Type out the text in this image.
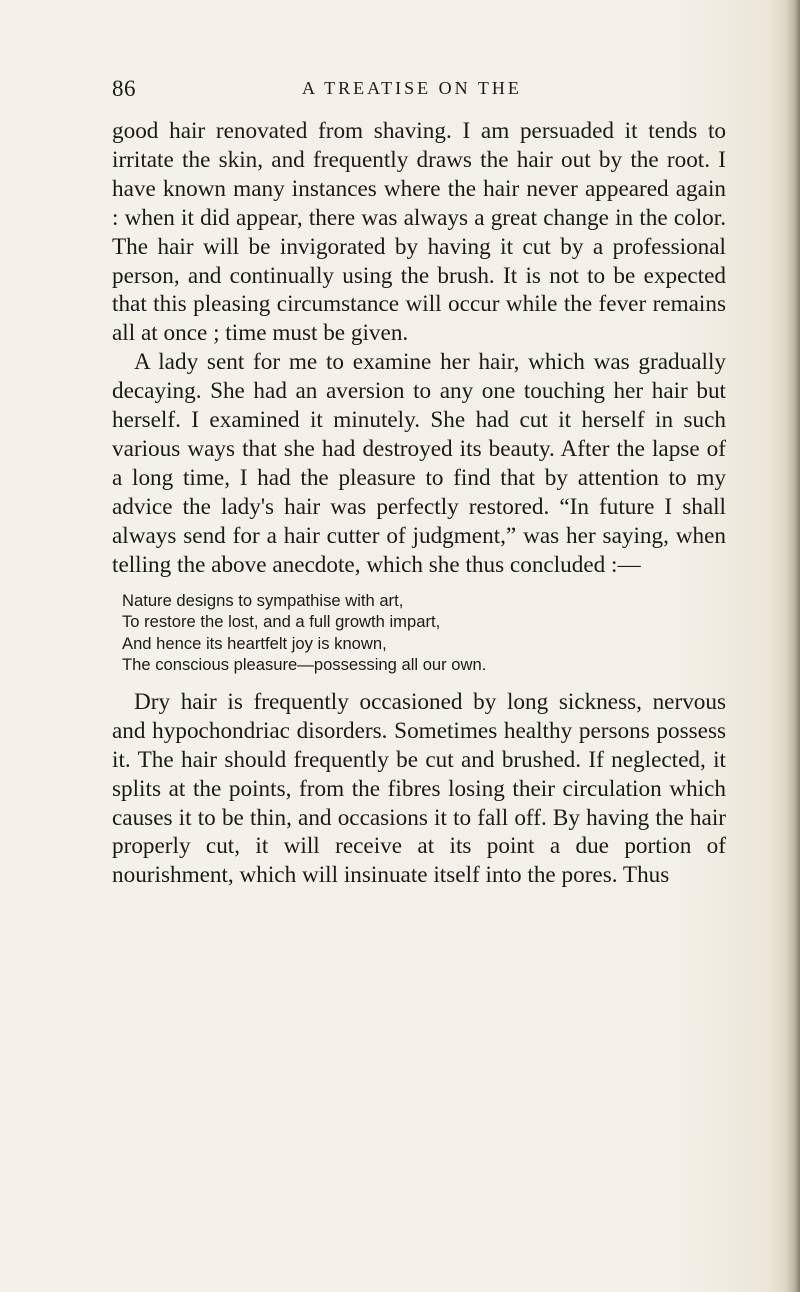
86	A TREATISE ON THE

good hair renovated from shaving. I am persuaded it tends to irritate the skin, and frequently draws the hair out by the root. I have known many instances where the hair never appeared again : when it did appear, there was always a great change in the color. The hair will be invigorated by having it cut by a professional person, and continually using the brush. It is not to be expected that this pleasing circumstance will occur while the fever remains all at once ; time must be given.

A lady sent for me to examine her hair, which was gradually decaying. She had an aversion to any one touching her hair but herself. I examined it minutely. She had cut it herself in such various ways that she had destroyed its beauty. After the lapse of a long time, I had the pleasure to find that by attention to my advice the lady's hair was perfectly restored. “In future I shall always send for a hair cutter of judgment,” was her saying, when telling the above anecdote, which she thus concluded :—

Nature designs to sympathise with art,
To restore the lost, and a full growth impart,
And hence its heartfelt joy is known,
The conscious pleasure—possessing all our own.

Dry hair is frequently occasioned by long sickness, nervous and hypochondriac disorders. Sometimes healthy persons possess it. The hair should frequently be cut and brushed. If neglected, it splits at the points, from the fibres losing their circulation which causes it to be thin, and occasions it to fall off. By having the hair properly cut, it will receive at its point a due portion of nourishment, which will insinuate itself into the pores. Thus
